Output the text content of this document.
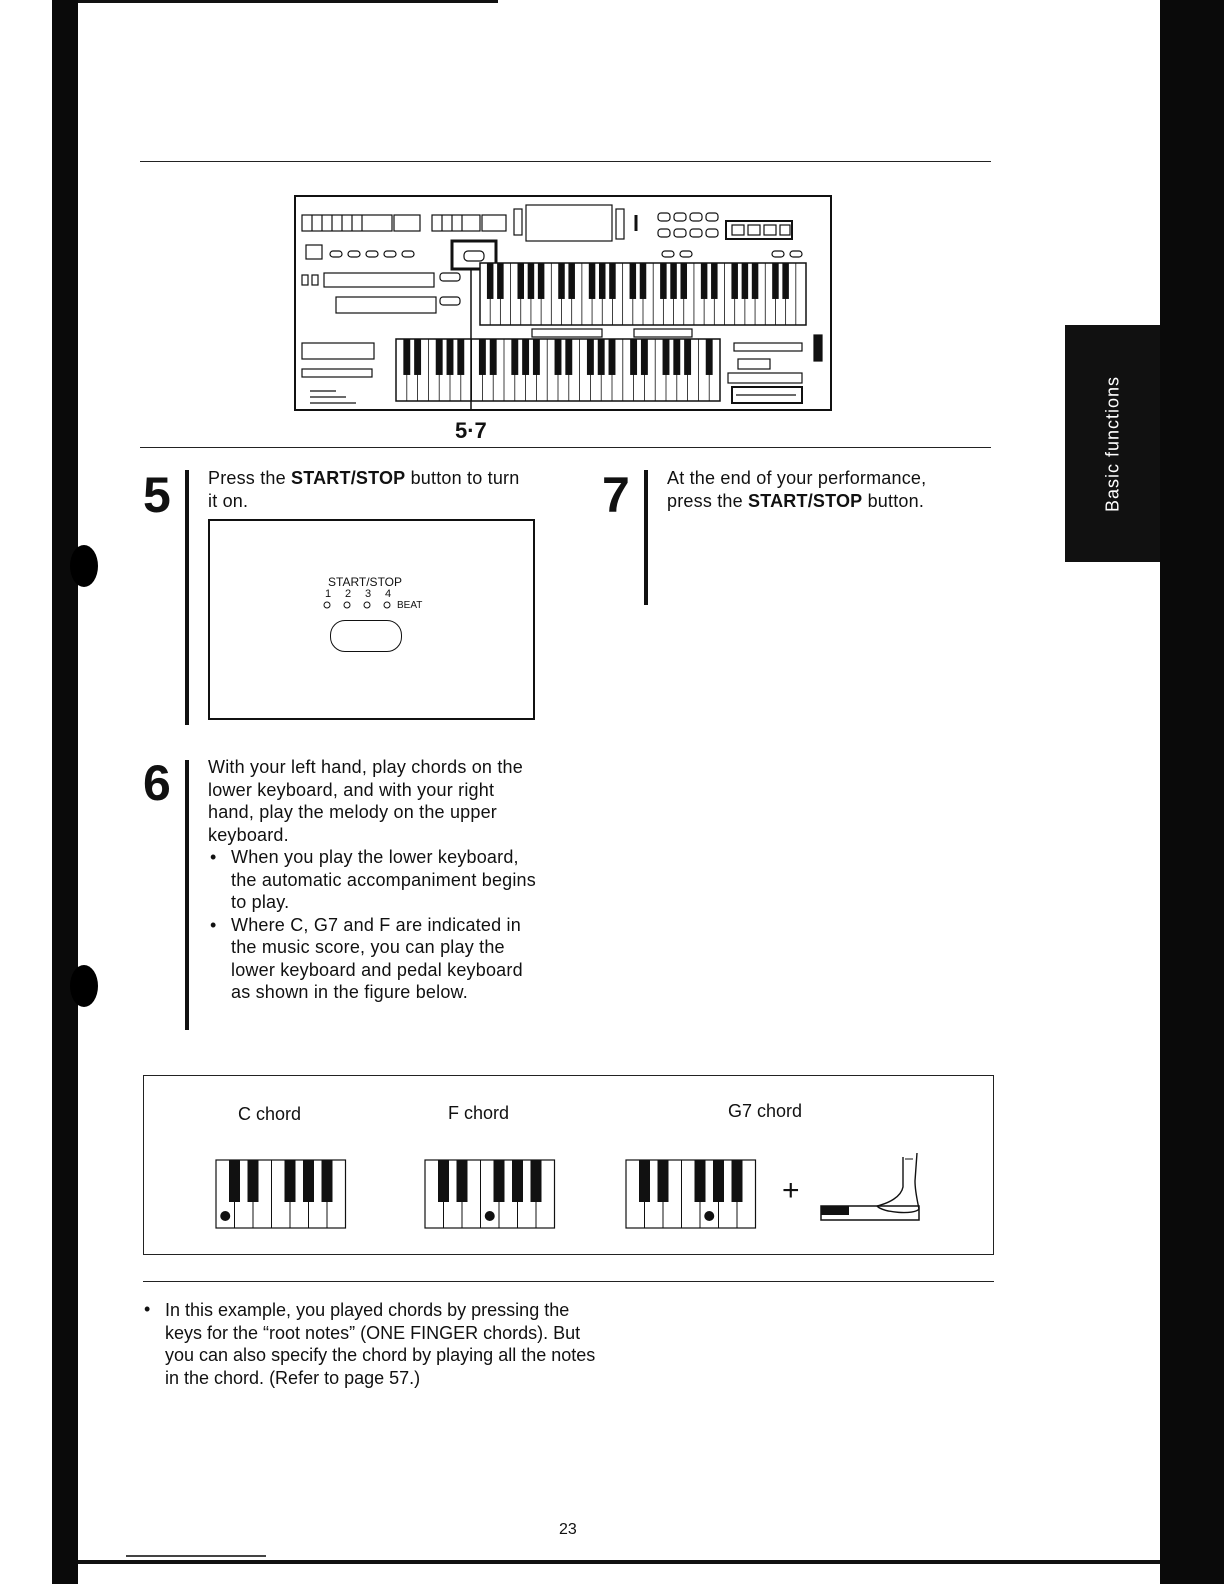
Basic functions
5·7
5 Press the START/STOP button to turn it on.
START/STOP
1 2 3 4
BEAT
6 With your left hand, play chords on the lower keyboard, and with your right hand, play the melody on the upper keyboard.
• When you play the lower keyboard, the automatic accompaniment begins to play.
• Where C, G7 and F are indicated in the music score, you can play the lower keyboard and pedal keyboard as shown in the figure below.
7 At the end of your performance, press the START/STOP button.
C chord	F chord	G7 chord
+
• In this example, you played chords by pressing the keys for the “root notes” (ONE FINGER chords). But you can also specify the chord by playing all the notes in the chord. (Refer to page 57.)
23
